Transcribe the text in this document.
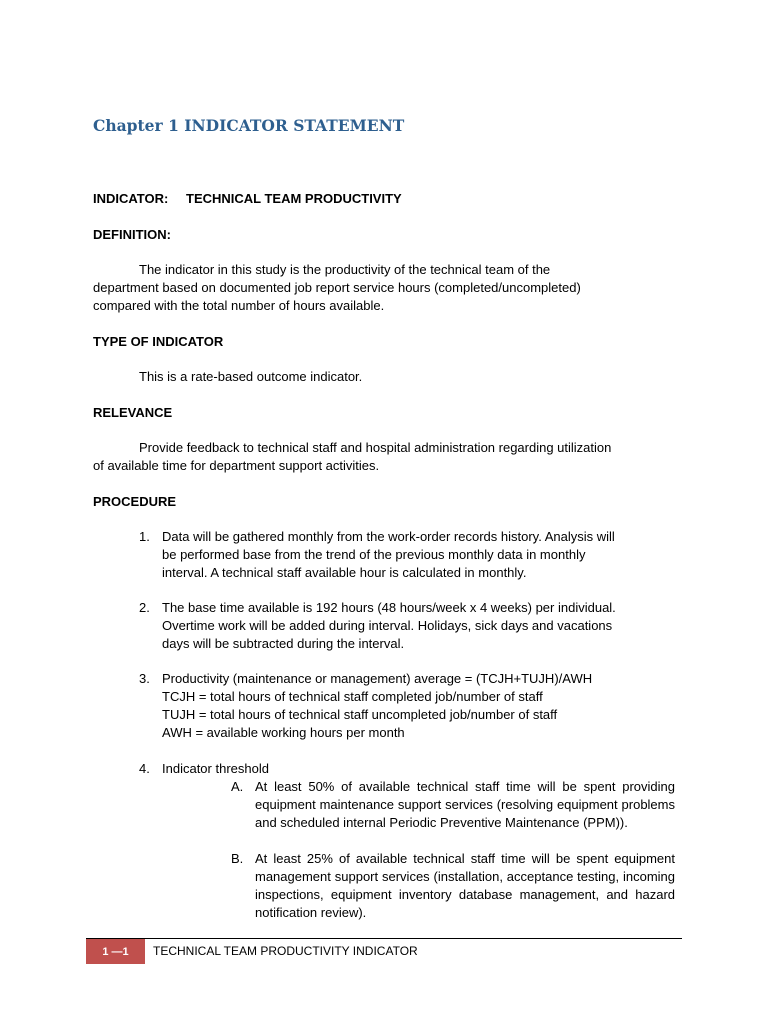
Chapter 1 INDICATOR STATEMENT
INDICATOR: TECHNICAL TEAM PRODUCTIVITY
DEFINITION:
The indicator in this study is the productivity of the technical team of the
department based on documented job report service hours (completed/uncompleted)
compared with the total number of hours available.
TYPE OF INDICATOR
This is a rate-based outcome indicator.
RELEVANCE
Provide feedback to technical staff and hospital administration regarding utilization
of available time for department support activities.
PROCEDURE
1. Data will be gathered monthly from the work-order records history. Analysis will
be performed base from the trend of the previous monthly data in monthly
interval. A technical staff available hour is calculated in monthly.
2. The base time available is 192 hours (48 hours/week x 4 weeks) per individual.
Overtime work will be added during interval. Holidays, sick days and vacations
days will be subtracted during the interval.
3. Productivity (maintenance or management) average = (TCJH+TUJH)/AWH
TCJH = total hours of technical staff completed job/number of staff
TUJH = total hours of technical staff uncompleted job/number of staff
AWH = available working hours per month
4. Indicator threshold
A. At least 50% of available technical staff time will be spent providing equipment maintenance support services (resolving equipment problems and scheduled internal Periodic Preventive Maintenance (PPM)).
B. At least 25% of available technical staff time will be spent equipment management support services (installation, acceptance testing, incoming inspections, equipment inventory database management, and hazard notification review).
1 —1 TECHNICAL TEAM PRODUCTIVITY INDICATOR
